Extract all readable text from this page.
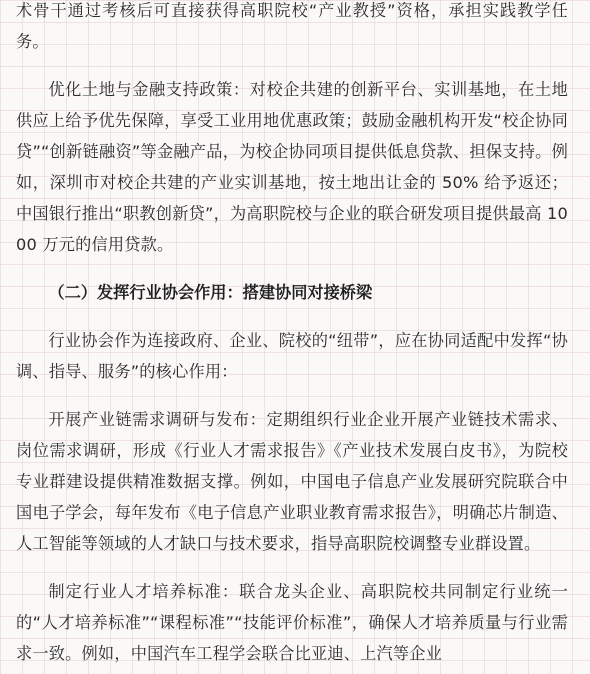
术骨干通过考核后可直接获得高职院校“产业教授”资格，承担实践教学任务。

优化土地与金融支持政策：对校企共建的创新平台、实训基地，在土地供应上给予优先保障，享受工业用地优惠政策；鼓励金融机构开发“校企协同贷”“创新链融资”等金融产品，为校企协同项目提供低息贷款、担保支持。例如，深圳市对校企共建的产业实训基地，按土地出让金的 50% 给予返还；中国银行推出“职教创新贷”，为高职院校与企业的联合研发项目提供最高 1000 万元的信用贷款。

（二）发挥行业协会作用：搭建协同对接桥梁

行业协会作为连接政府、企业、院校的“纽带”，应在协同适配中发挥“协调、指导、服务”的核心作用：

开展产业链需求调研与发布：定期组织行业企业开展产业链技术需求、岗位需求调研，形成《行业人才需求报告》《产业技术发展白皮书》，为院校专业群建设提供精准数据支撑。例如，中国电子信息产业发展研究院联合中国电子学会，每年发布《电子信息产业职业教育需求报告》，明确芯片制造、人工智能等领域的人才缺口与技术要求，指导高职院校调整专业群设置。

制定行业人才培养标准：联合龙头企业、高职院校共同制定行业统一的“人才培养标准”“课程标准”“技能评价标准”，确保人才培养质量与行业需求一致。例如，中国汽车工程学会联合比亚迪、上汽等企业
